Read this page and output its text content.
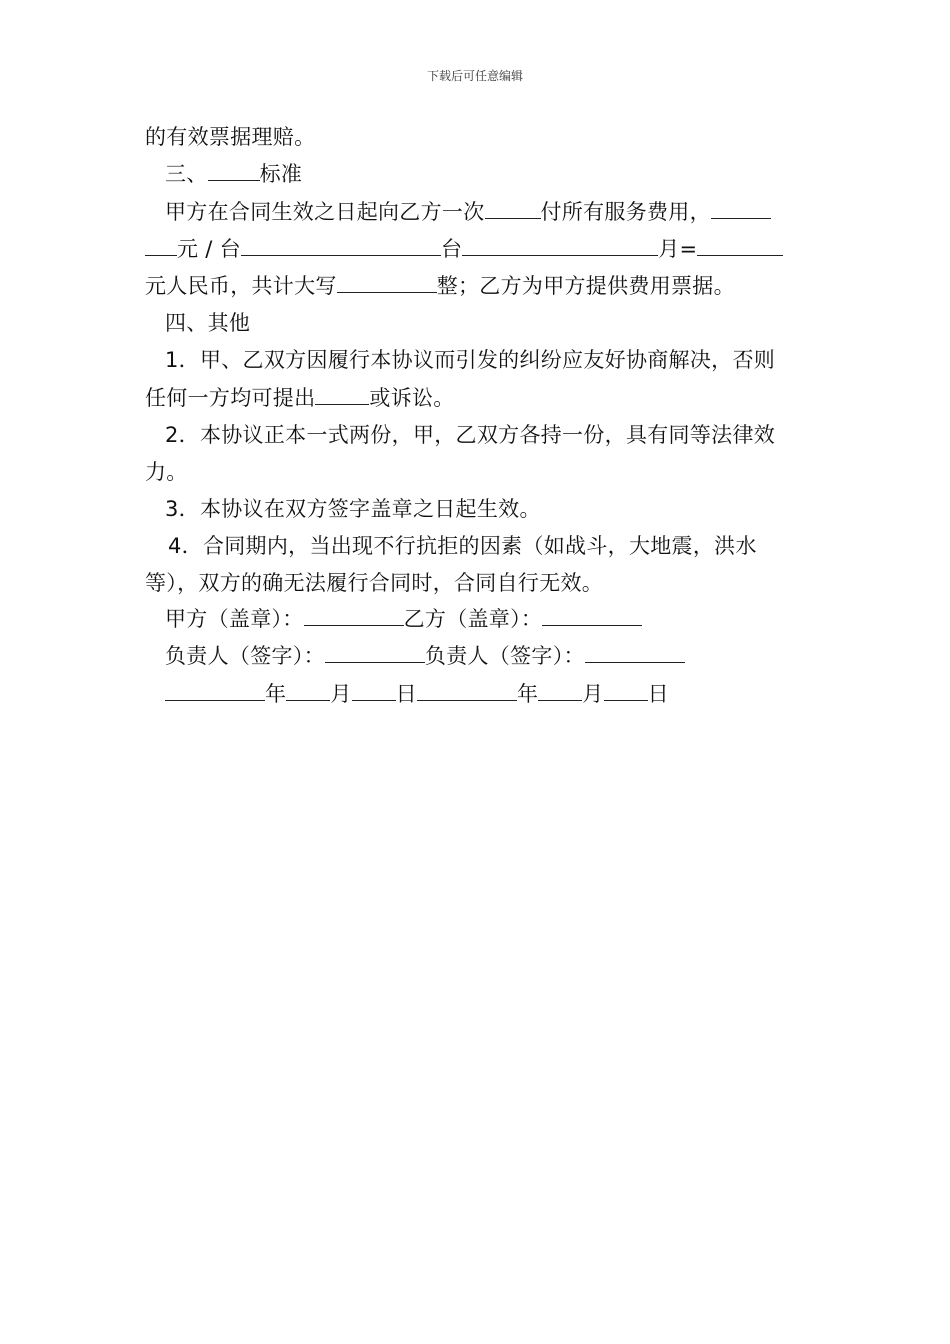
下载后可任意编辑
的有效票据理赔。
三、 标准
甲方在合同生效之日起向乙方一次	付所有服务费用，
元 / 台	台	月=
元人民币，共计大写	整；乙方为甲方提供费用票据。
四、其他
1．甲、乙双方因履行本协议而引发的纠纷应友好协商解决，否则
任何一方均可提出	或诉讼。
2．本协议正本一式两份，甲，乙双方各持一份，具有同等法律效
力。
3．本协议在双方签字盖章之日起生效。
4．合同期内，当出现不行抗拒的因素（如战斗，大地震，洪水
等），双方的确无法履行合同时，合同自行无效。
甲方（盖章）：	乙方（盖章）：
负责人（签字）：	负责人（签字）：
年 月 日	年 月 日
